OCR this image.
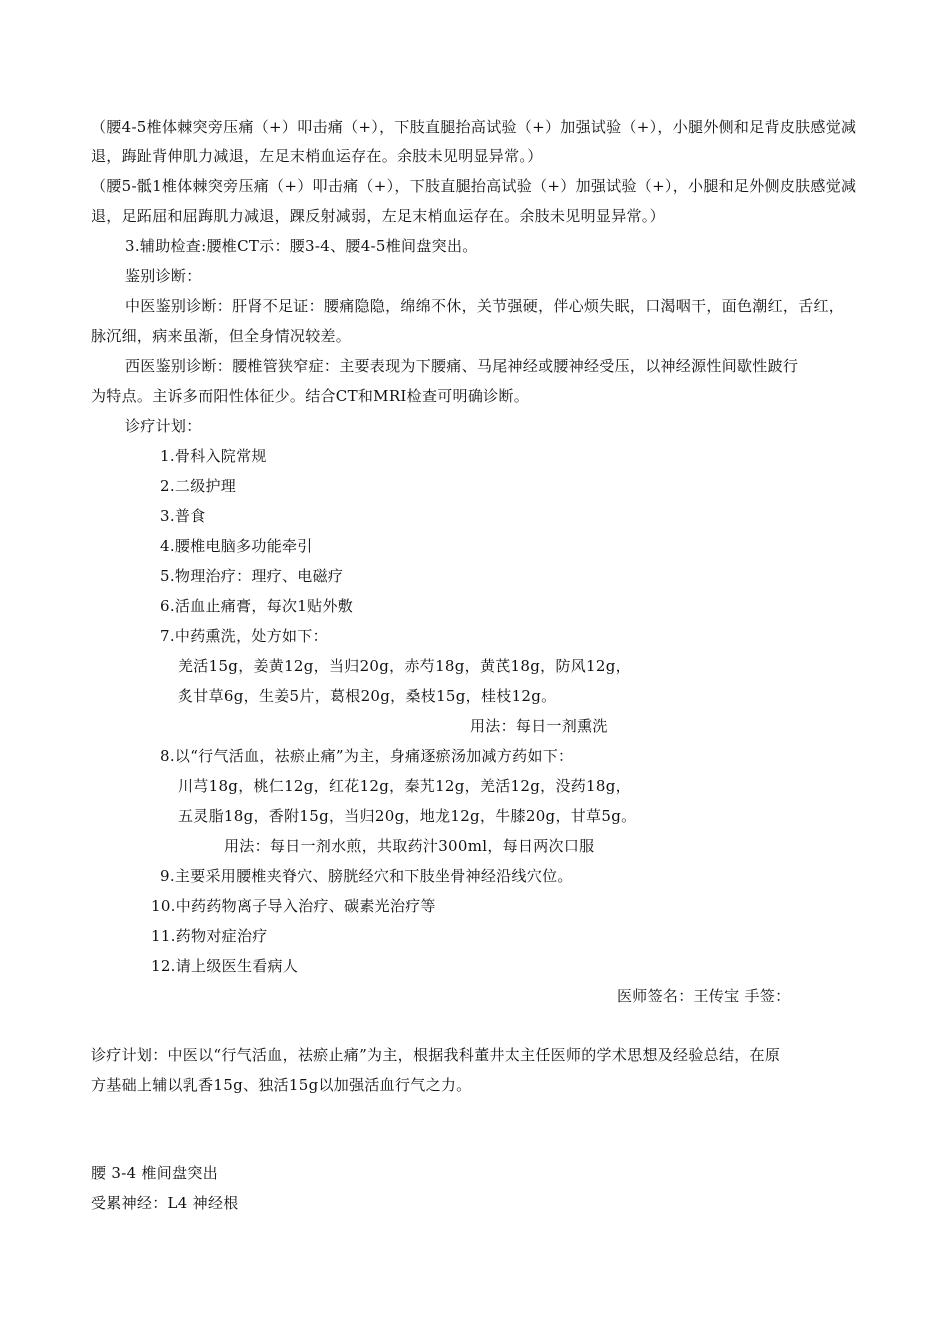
（腰4-5椎体棘突旁压痛（+）叩击痛（+），下肢直腿抬高试验（+）加强试验（+），小腿外侧和足背皮肤感觉减
退，踇趾背伸肌力减退，左足末梢血运存在。余肢未见明显异常。）
（腰5-骶1椎体棘突旁压痛（+）叩击痛（+），下肢直腿抬高试验（+）加强试验（+），小腿和足外侧皮肤感觉减
退，足跖屈和屈踇肌力减退，踝反射减弱，左足末梢血运存在。余肢未见明显异常。）
3.辅助检查:腰椎CT示：腰3-4、腰4-5椎间盘突出。
鉴别诊断：
中医鉴别诊断：肝肾不足证：腰痛隐隐，绵绵不休，关节强硬，伴心烦失眠，口渴咽干，面色潮红，舌红，
脉沉细，病来虽渐，但全身情况较差。
西医鉴别诊断：腰椎管狭窄症：主要表现为下腰痛、马尾神经或腰神经受压，以神经源性间歇性跛行
为特点。主诉多而阳性体征少。结合CT和MRI检查可明确诊断。
诊疗计划：
1.骨科入院常规
2.二级护理
3.普食
4.腰椎电脑多功能牵引
5.物理治疗：理疗、电磁疗
6.活血止痛膏，每次1贴外敷
7.中药熏洗，处方如下：
羌活15g，姜黄12g，当归20g，赤芍18g，黄芪18g，防风12g，
炙甘草6g，生姜5片，葛根20g，桑枝15g，桂枝12g。
用法：每日一剂熏洗
8.以“行气活血，祛瘀止痛”为主，身痛逐瘀汤加减方药如下：
川芎18g，桃仁12g，红花12g，秦艽12g，羌活12g，没药18g，
五灵脂18g，香附15g，当归20g，地龙12g，牛膝20g，甘草5g。
用法：每日一剂水煎，共取药汁300ml，每日两次口服
9.主要采用腰椎夹脊穴、膀胱经穴和下肢坐骨神经沿线穴位。
10.中药药物离子导入治疗、碳素光治疗等
11.药物对症治疗
12.请上级医生看病人
医师签名：王传宝 手签：
诊疗计划：中医以“行气活血，祛瘀止痛”为主，根据我科董井太主任医师的学术思想及经验总结，在原
方基础上辅以乳香15g、独活15g以加强活血行气之力。
腰 3-4 椎间盘突出
受累神经：L4 神经根
